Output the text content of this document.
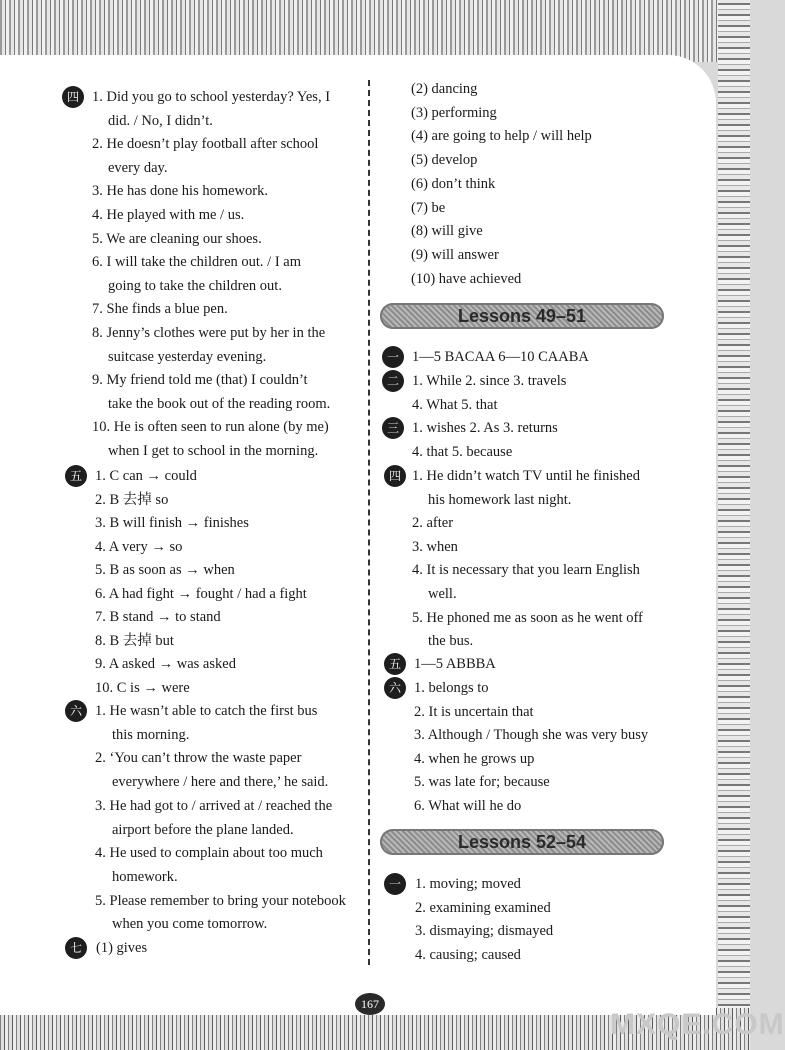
四 1. Did you go to school yesterday? Yes, I
did. / No, I didn’t.
2. He doesn’t play football after school
every day.
3. He has done his homework.
4. He played with me / us.
5. We are cleaning our shoes.
6. I will take the children out. / I am
going to take the children out.
7. She finds a blue pen.
8. Jenny’s clothes were put by her in the
suitcase yesterday evening.
9. My friend told me (that) I couldn’t
take the book out of the reading room.
10. He is often seen to run alone (by me)
when I get to school in the morning.
五 1. C can → could
2. B 去掉 so
3. B will finish → finishes
4. A very → so
5. B as soon as → when
6. A had fight → fought / had a fight
7. B stand → to stand
8. B 去掉 but
9. A asked → was asked
10. C is → were
六 1. He wasn’t able to catch the first bus
this morning.
2. ‘You can’t throw the waste paper
everywhere / here and there,’ he said.
3. He had got to / arrived at / reached the
airport before the plane landed.
4. He used to complain about too much
homework.
5. Please remember to bring your notebook
when you come tomorrow.
七 (1) gives
(2) dancing
(3) performing
(4) are going to help / will help
(5) develop
(6) don’t think
(7) be
(8) will give
(9) will answer
(10) have achieved
一 1—5 BACAA 6—10 CAABA
二 1. While 2. since 3. travels
4. What 5. that
三 1. wishes 2. As 3. returns
4. that 5. because
四 1. He didn’t watch TV until he finished
his homework last night.
2. after
3. when
4. It is necessary that you learn English
well.
5. He phoned me as soon as he went off
the bus.
五 1—5 ABBBA
六 1. belongs to
2. It is uncertain that
3. Although / Though she was very busy
4. when he grows up
5. was late for; because
6. What will he do
一 1. moving; moved
2. examining examined
3. dismaying; dismayed
4. causing; caused
Lessons 49–51
Lessons 52–54
167
MXQE.COM
